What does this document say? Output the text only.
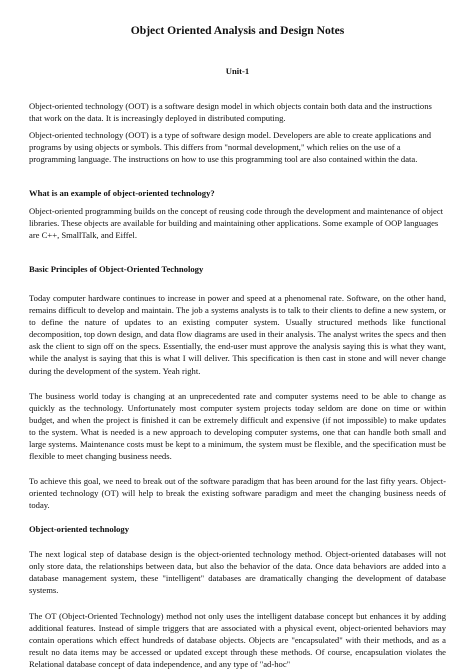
Object Oriented Analysis and Design Notes
Unit-1

Object-oriented technology (OOT) is a software design model in which objects contain both data and the instructions that work on the data. It is increasingly deployed in distributed computing.

Object-oriented technology (OOT) is a type of software design model. Developers are able to create applications and programs by using objects or symbols. This differs from "normal development," which relies on the use of a programming language. The instructions on how to use this programming tool are also contained within the data.

What is an example of object-oriented technology?

Object-oriented programming builds on the concept of reusing code through the development and maintenance of object libraries. These objects are available for building and maintaining other applications. Some example of OOP languages are C++, SmallTalk, and Eiffel.

Basic Principles of Object-Oriented Technology

Today computer hardware continues to increase in power and speed at a phenomenal rate. Software, on the other hand, remains difficult to develop and maintain. The job a systems analysts is to talk to their clients to define a new system, or to define the nature of updates to an existing computer system. Usually structured methods like functional decomposition, top down design, and data flow diagrams are used in their analysis. The analyst writes the specs and then ask the client to sign off on the specs. Essentially, the end-user must approve the analysis saying this is what they want, while the analyst is saying that this is what I will deliver. This specification is then cast in stone and will never change during the development of the system. Yeah right.

The business world today is changing at an unprecedented rate and computer systems need to be able to change as quickly as the technology. Unfortunately most computer system projects today seldom are done on time or within budget, and when the project is finished it can be extremely difficult and expensive (if not impossible) to make updates to the system. What is needed is a new approach to developing computer systems, one that can handle both small and large systems. Maintenance costs must be kept to a minimum, the system must be flexible, and the specification must be flexible to meet changing business needs.

To achieve this goal, we need to break out of the software paradigm that has been around for the last fifty years. Object-oriented technology (OT) will help to break the existing software paradigm and meet the changing business needs of today.

Object-oriented technology

The next logical step of database design is the object-oriented technology method. Object-oriented databases will not only store data, the relationships between data, but also the behavior of the data. Once data behaviors are added into a database management system, these "intelligent" databases are dramatically changing the development of database systems.

The OT (Object-Oriented Technology) method not only uses the intelligent database concept but enhances it by adding additional features. Instead of simple triggers that are associated with a physical event, object-oriented behaviors may contain operations which effect hundreds of database objects. Objects are "encapsulated" with their methods, and as a result no data items may be accessed or updated except through these methods. Of course, encapsulation violates the Relational database concept of data independence, and any type of "ad-hoc"
